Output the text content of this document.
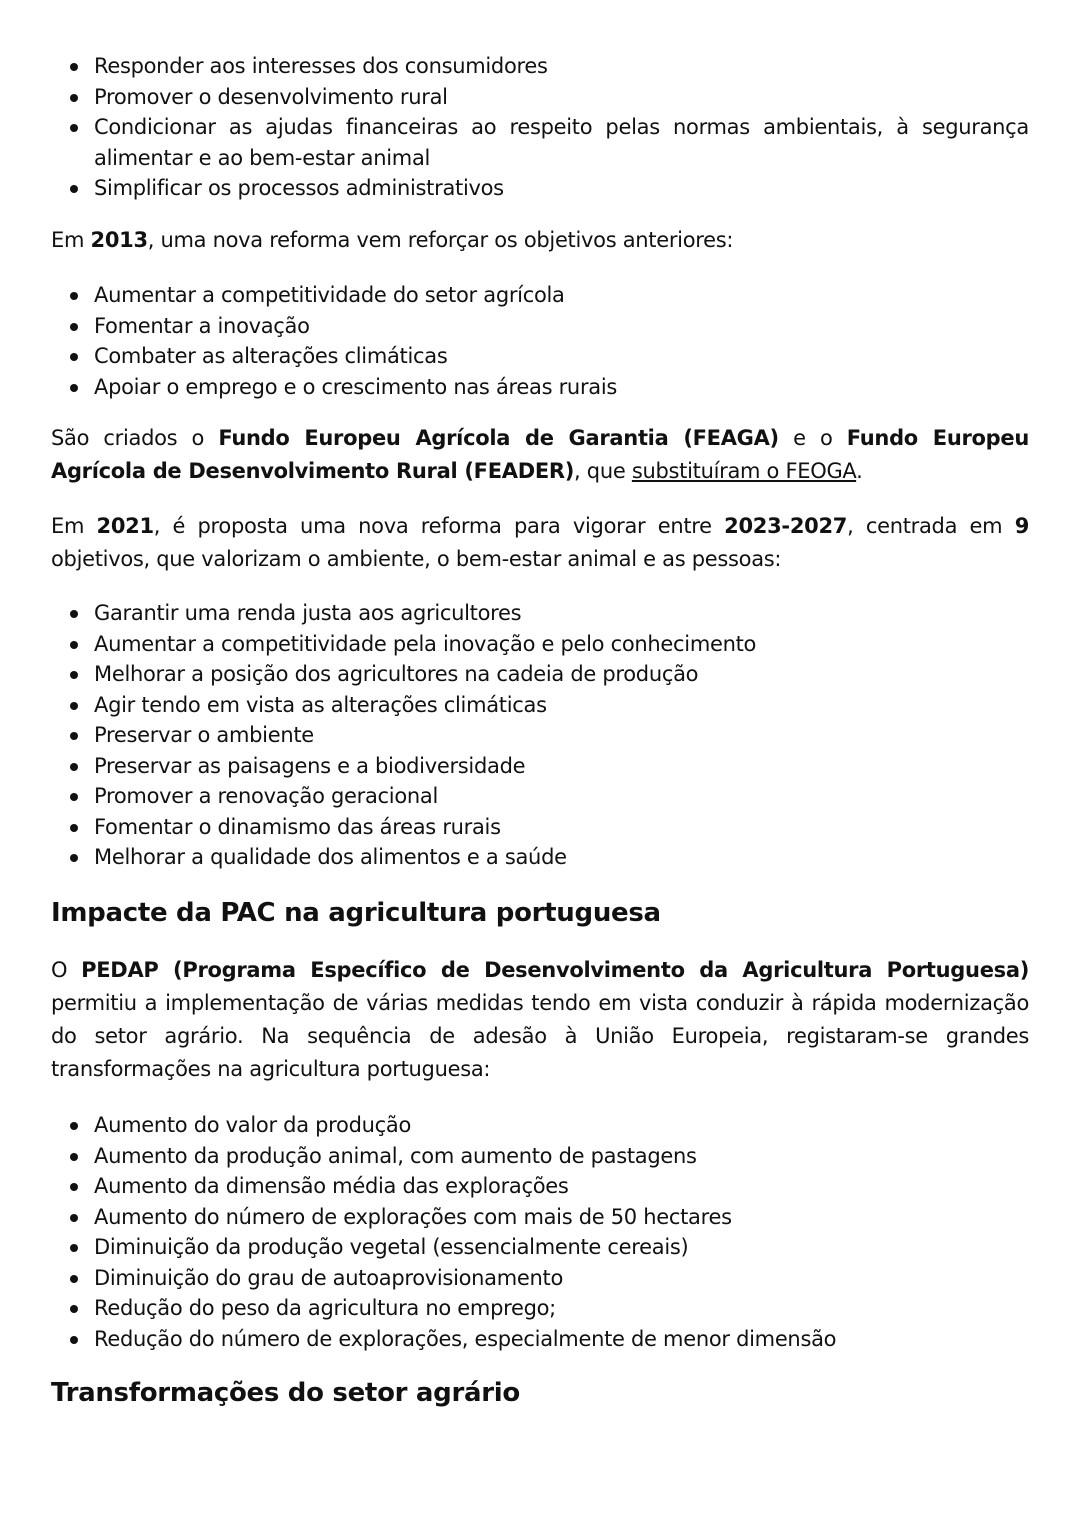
Responder aos interesses dos consumidores
Promover o desenvolvimento rural
Condicionar as ajudas financeiras ao respeito pelas normas ambientais, à segurança alimentar e ao bem-estar animal
Simplificar os processos administrativos

Em 2013, uma nova reforma vem reforçar os objetivos anteriores:

Aumentar a competitividade do setor agrícola
Fomentar a inovação
Combater as alterações climáticas
Apoiar o emprego e o crescimento nas áreas rurais

São criados o Fundo Europeu Agrícola de Garantia (FEAGA) e o Fundo Europeu Agrícola de Desenvolvimento Rural (FEADER), que substituíram o FEOGA.

Em 2021, é proposta uma nova reforma para vigorar entre 2023-2027, centrada em 9 objetivos, que valorizam o ambiente, o bem-estar animal e as pessoas:

Garantir uma renda justa aos agricultores
Aumentar a competitividade pela inovação e pelo conhecimento
Melhorar a posição dos agricultores na cadeia de produção
Agir tendo em vista as alterações climáticas
Preservar o ambiente
Preservar as paisagens e a biodiversidade
Promover a renovação geracional
Fomentar o dinamismo das áreas rurais
Melhorar a qualidade dos alimentos e a saúde
Impacte da PAC na agricultura portuguesa

O PEDAP (Programa Específico de Desenvolvimento da Agricultura Portuguesa) permitiu a implementação de várias medidas tendo em vista conduzir à rápida modernização do setor agrário. Na sequência de adesão à União Europeia, registaram-se grandes transformações na agricultura portuguesa:

Aumento do valor da produção
Aumento da produção animal, com aumento de pastagens
Aumento da dimensão média das explorações
Aumento do número de explorações com mais de 50 hectares
Diminuição da produção vegetal (essencialmente cereais)
Diminuição do grau de autoaprovisionamento
Redução do peso da agricultura no emprego;
Redução do número de explorações, especialmente de menor dimensão
Transformações do setor agrário
